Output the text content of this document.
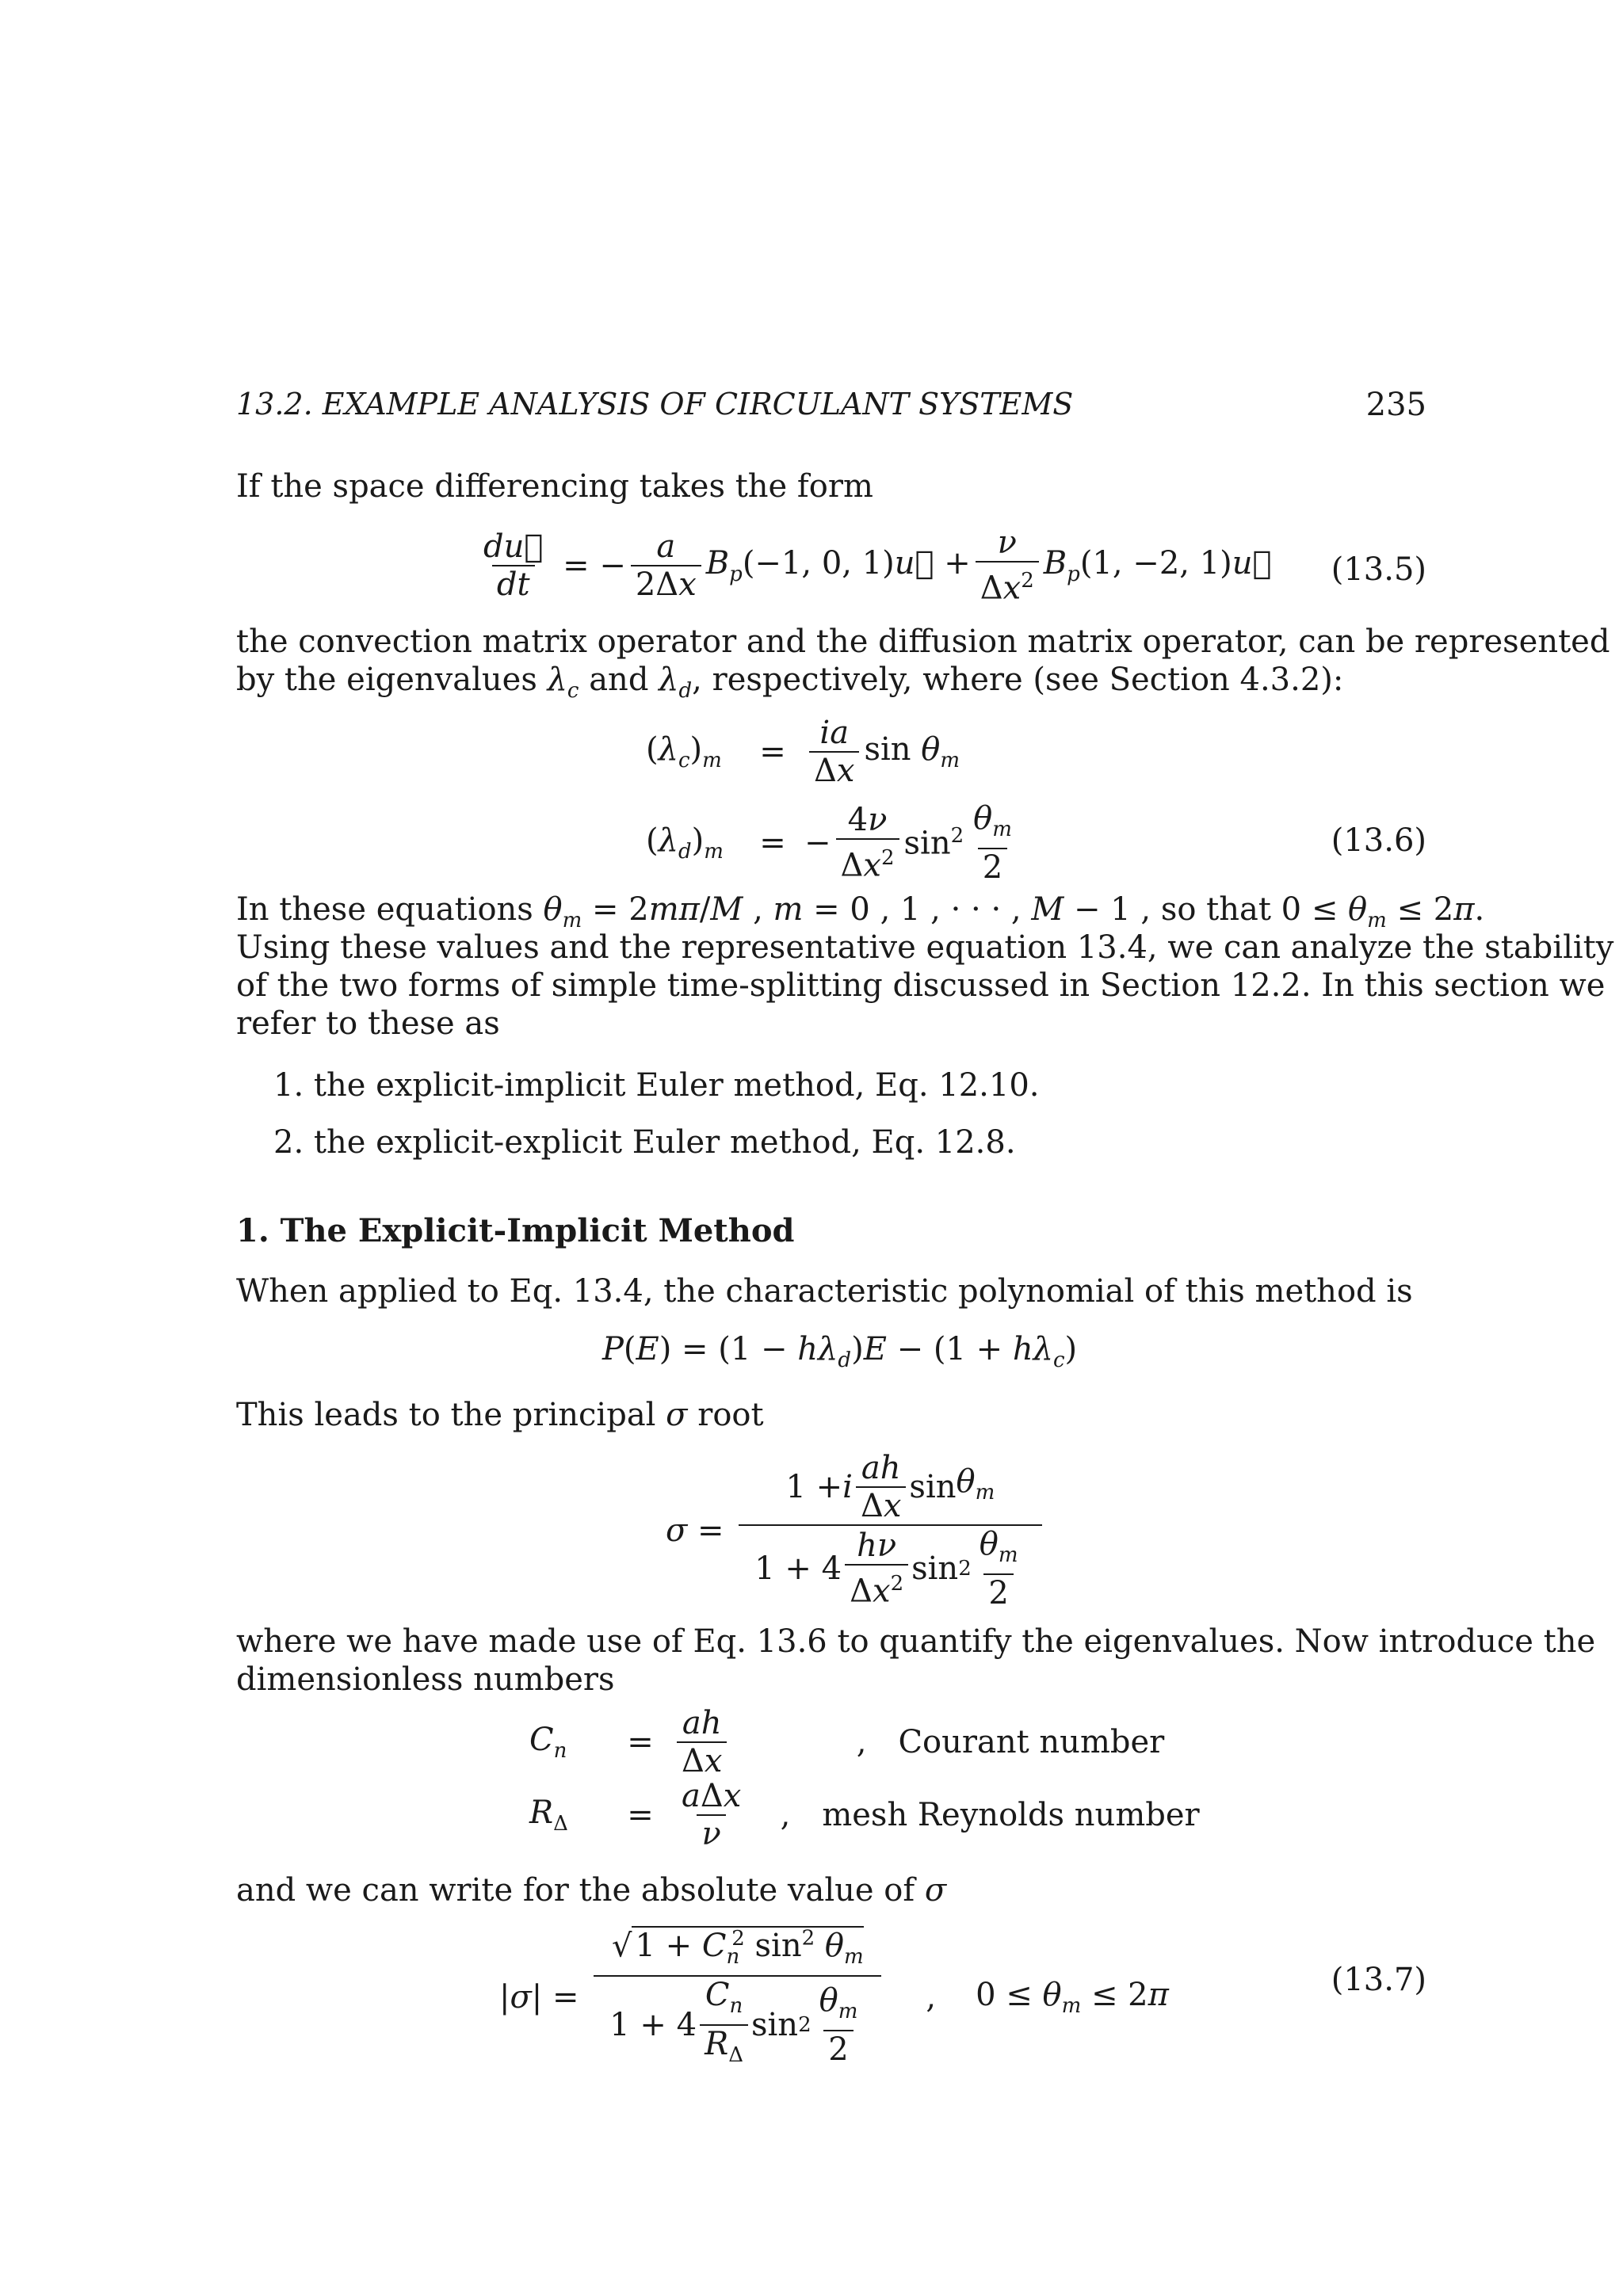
13.2. EXAMPLE ANALYSIS OF CIRCULANT SYSTEMS	235
If the space differencing takes the form
$\frac{du⃗}{dt}$ = − $\frac{a}{2\Delta x} B_p(-1$, 0, 1)u⃗ + $\frac{\nu}{\Delta x^2} B_p(1$, −2, 1)u⃗ (13.5)
the convection matrix operator and the diffusion matrix operator, can be represented
by the eigenvalues $\lambda_c$ and $\lambda_d$, respectively, where (see Section 4.3.2):
$(\lambda_c)_m$	= $\frac{ia}{\Delta x}$ $\sin \theta_m$
$(\lambda_d)_m$	= − $\frac{4\nu}{\Delta x^2} \sin^2 \frac{\theta_m}{2}$	(13.6)
In these equations $\theta_m = 2m\pi/M$ , m = 0 , 1 , · · · , M − 1 , so that $0 \le \theta_m \le 2\pi$.
Using these values and the representative equation 13.4, we can analyze the stability
of the two forms of simple time-splitting discussed in Section 12.2. In this section we
refer to these as
1. the explicit-implicit Euler method, Eq. 12.10.
2. the explicit-explicit Euler method, Eq. 12.8.
1. The Explicit-Implicit Method
When applied to Eq. 13.4, the characteristic polynomial of this method is
$P(E) = (1 - h\lambda_d)E - (1 + h\lambda_c)$
This leads to the principal σ root
$\sigma = \frac{1 + i \frac{ah}{\Delta x} \sin \theta_m}{1 + 4 \frac{h\nu}{\Delta x^2} \sin 2 \frac{\theta_m}{2}}$
where we have made use of Eq. 13.6 to quantify the eigenvalues. Now introduce the
dimensionless numbers
$C_n$	= $\frac{ah}{\Delta x}$	, Courant number
$R_\Delta$	= $\frac{\text{aΔx}}{\nu}$	, mesh Reynolds number
and we can write for the absolute value of σ
$|\sigma| = \frac{√ 1 + C_n^2 \sin^2 \theta_m}{1 + 4 \frac{C_n}{R_\Delta} \sin 2 \frac{\theta_m}{2}}$ , $0 \le \theta_m \le 2\pi$	(13.7)
